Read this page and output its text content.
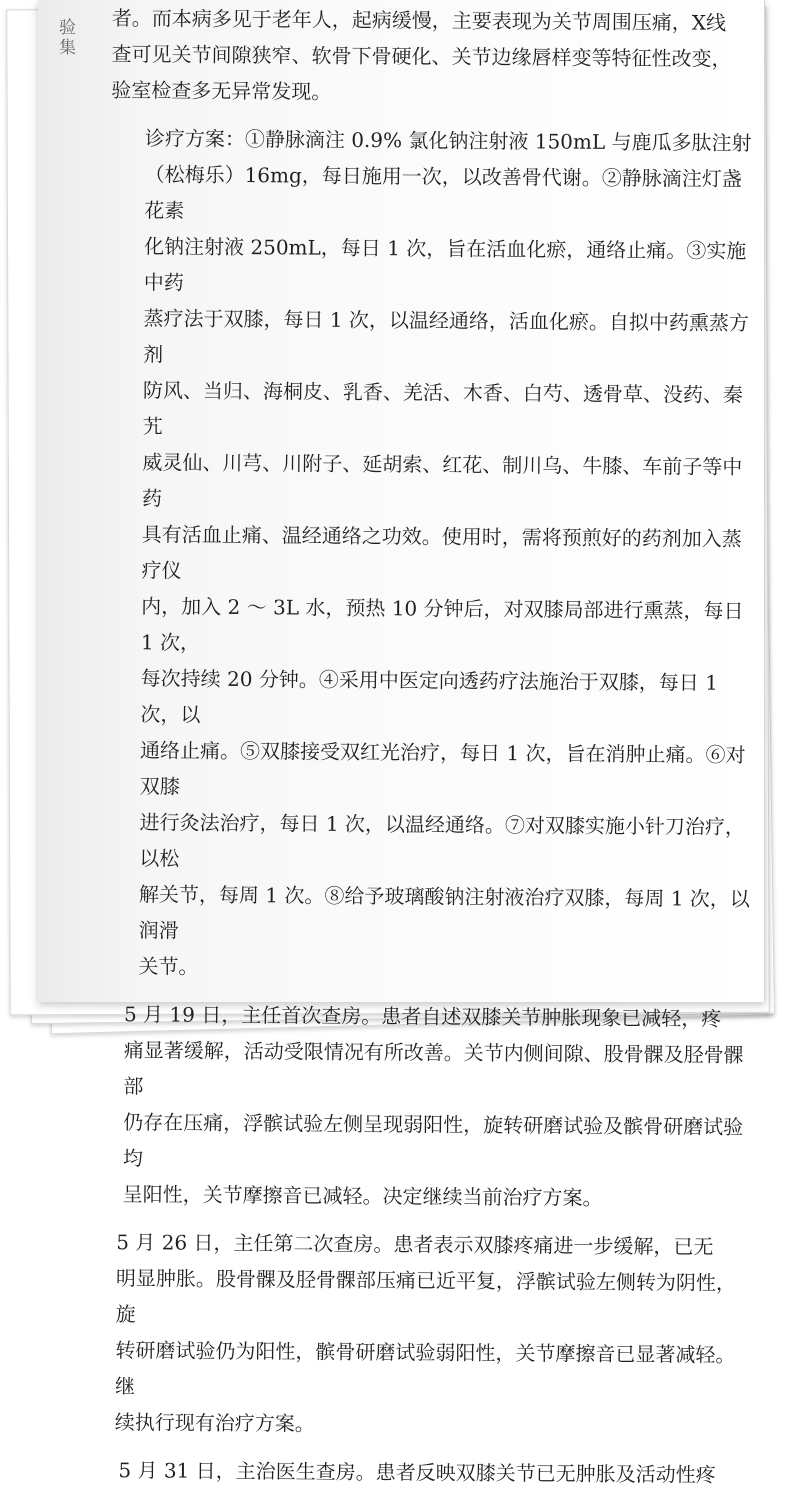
验集 者。而本病多见于老年人，起病缓慢，主要表现为关节周围压痛，X线
查可见关节间隙狭窄、软骨下骨硬化、关节边缘唇样变等特征性改变，
验室检查多无异常发现。

诊疗方案：①静脉滴注 0.9% 氯化钠注射液 150mL 与鹿瓜多肽注射
（松梅乐）16mg，每日施用一次，以改善骨代谢。②静脉滴注灯盏花素
化钠注射液 250mL，每日 1 次，旨在活血化瘀，通络止痛。③实施中药
蒸疗法于双膝，每日 1 次，以温经通络，活血化瘀。自拟中药熏蒸方剂
防风、当归、海桐皮、乳香、羌活、木香、白芍、透骨草、没药、秦艽
威灵仙、川芎、川附子、延胡索、红花、制川乌、牛膝、车前子等中药
具有活血止痛、温经通络之功效。使用时，需将预煎好的药剂加入蒸疗仪
内，加入 2 ～ 3L 水，预热 10 分钟后，对双膝局部进行熏蒸，每日 1 次，
每次持续 20 分钟。④采用中医定向透药疗法施治于双膝，每日 1 次，以
通络止痛。⑤双膝接受双红光治疗，每日 1 次，旨在消肿止痛。⑥对双膝
进行灸法治疗，每日 1 次，以温经通络。⑦对双膝实施小针刀治疗，以松
解关节，每周 1 次。⑧给予玻璃酸钠注射液治疗双膝，每周 1 次，以润滑
关节。

5 月 19 日，主任首次查房。患者自述双膝关节肿胀现象已减轻，疼
痛显著缓解，活动受限情况有所改善。关节内侧间隙、股骨髁及胫骨髁部
仍存在压痛，浮髌试验左侧呈现弱阳性，旋转研磨试验及髌骨研磨试验均
呈阳性，关节摩擦音已减轻。决定继续当前治疗方案。

5 月 26 日，主任第二次查房。患者表示双膝疼痛进一步缓解，已无
明显肿胀。股骨髁及胫骨髁部压痛已近平复，浮髌试验左侧转为阴性，旋
转研磨试验仍为阳性，髌骨研磨试验弱阳性，关节摩擦音已显著减轻。继
续执行现有治疗方案。

5 月 31 日，主治医生查房。患者反映双膝关节已无肿胀及活动性疼
